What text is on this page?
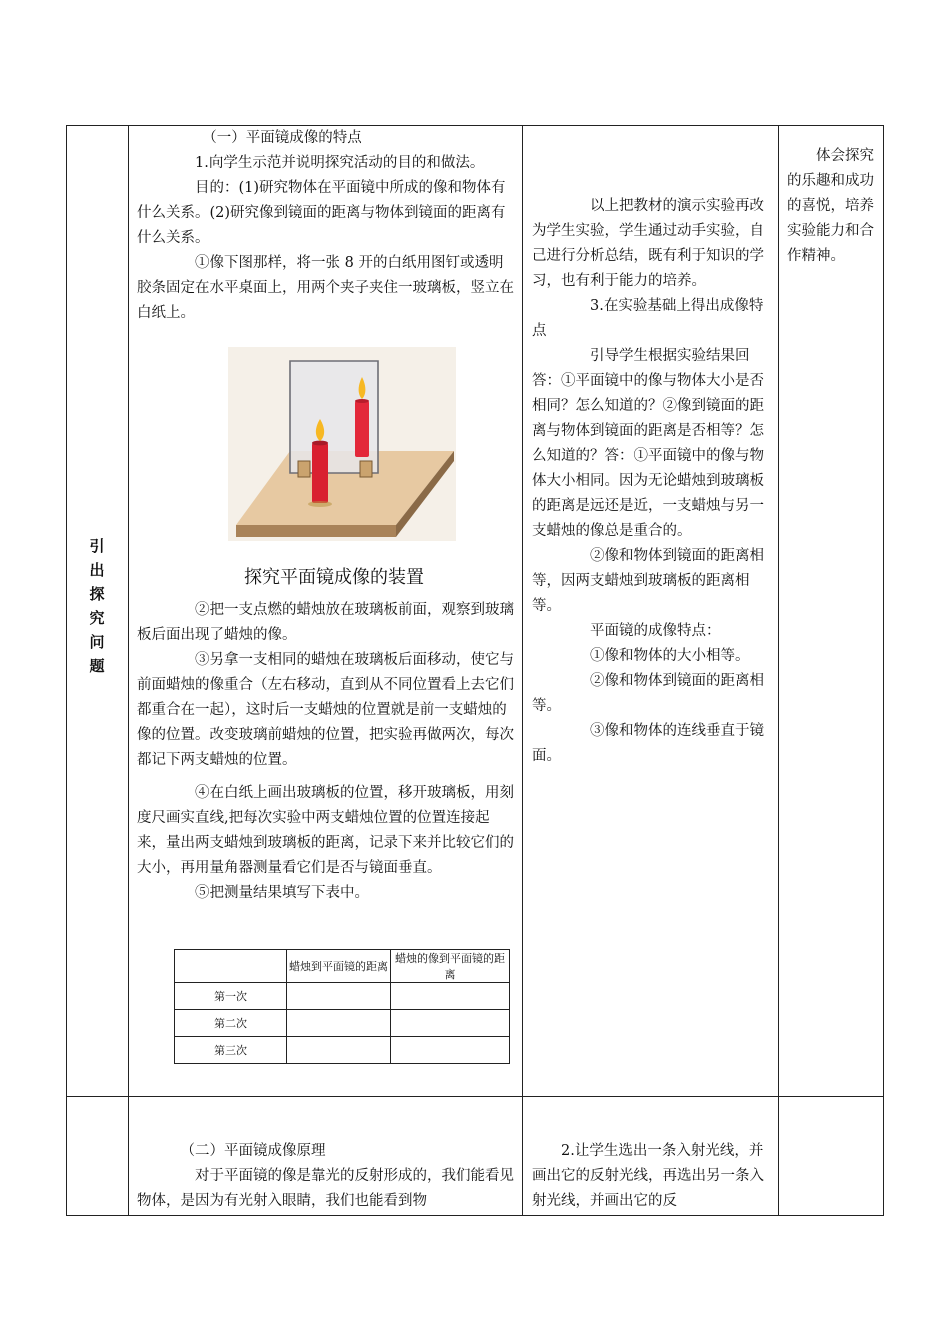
引
出
探
究
问
题

（一）平面镜成像的特点

1.向学生示范并说明探究活动的目的和做法。

目的：(1)研究物体在平面镜中所成的像和物体有什么关系。(2)研究像到镜面的距离与物体到镜面的距离有什么关系。

①像下图那样，将一张 8 开的白纸用图钉或透明胶条固定在水平桌面上，用两个夹子夹住一玻璃板，竖立在白纸上。

探究平面镜成像的装置

②把一支点燃的蜡烛放在玻璃板前面，观察到玻璃板后面出现了蜡烛的像。

③另拿一支相同的蜡烛在玻璃板后面移动，使它与前面蜡烛的像重合（左右移动，直到从不同位置看上去它们都重合在一起），这时后一支蜡烛的位置就是前一支蜡烛的像的位置。改变玻璃前蜡烛的位置，把实验再做两次，每次都记下两支蜡烛的位置。

④在白纸上画出玻璃板的位置，移开玻璃板，用刻度尺画实直线,把每次实验中两支蜡烛位置的位置连接起来，量出两支蜡烛到玻璃板的距离，记录下来并比较它们的大小，再用量角器测量看它们是否与镜面垂直。

⑤把测量结果填写下表中。

	蜡烛到平面镜的距离	蜡烛的像到平面镜的距离
第一次		
第二次		
第三次		

以上把教材的演示实验再改为学生实验，学生通过动手实验，自己进行分析总结，既有利于知识的学习，也有利于能力的培养。

3.在实验基础上得出成像特点

引导学生根据实验结果回答：①平面镜中的像与物体大小是否相同？怎么知道的？②像到镜面的距离与物体到镜面的距离是否相等？怎么知道的？答：①平面镜中的像与物体大小相同。因为无论蜡烛到玻璃板的距离是远还是近，一支蜡烛与另一支蜡烛的像总是重合的。

②像和物体到镜面的距离相等，因两支蜡烛到玻璃板的距离相等。

平面镜的成像特点：

①像和物体的大小相等。

②像和物体到镜面的距离相等。

③像和物体的连线垂直于镜面。

体会探究的乐趣和成功的喜悦，培养实验能力和合作精神。

（二）平面镜成像原理

对于平面镜的像是靠光的反射形成的，我们能看见物体，是因为有光射入眼睛，我们也能看到物

2.让学生选出一条入射光线，并画出它的反射光线，再选出另一条入射光线，并画出它的反
